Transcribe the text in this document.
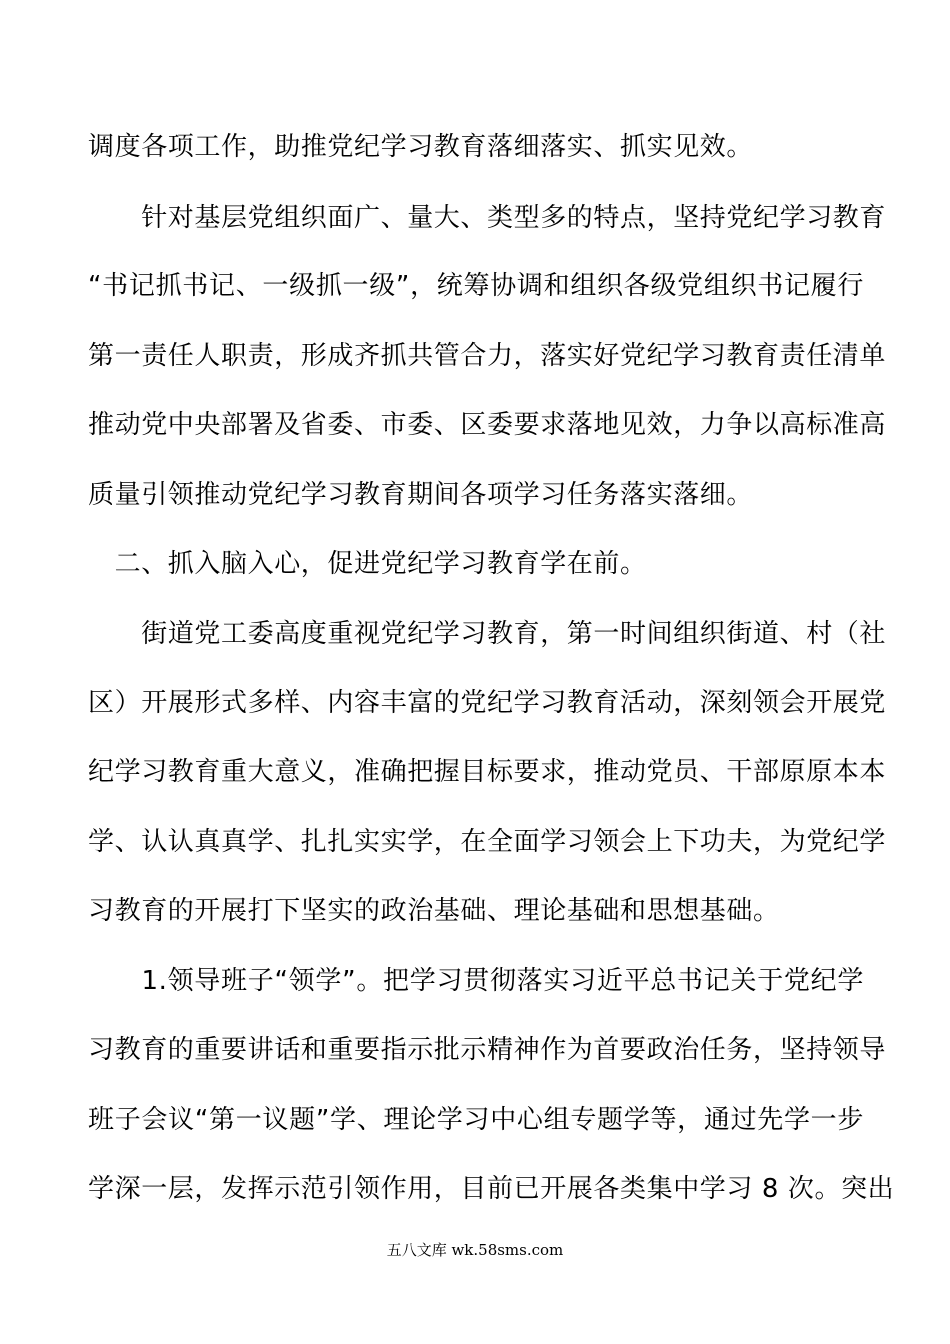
调度各项工作，助推党纪学习教育落细落实、抓实见效。
　　针对基层党组织面广、量大、类型多的特点，坚持党纪学习教育
“书记抓书记、一级抓一级”，统筹协调和组织各级党组织书记履行
第一责任人职责，形成齐抓共管合力，落实好党纪学习教育责任清单
推动党中央部署及省委、市委、区委要求落地见效，力争以高标准高
质量引领推动党纪学习教育期间各项学习任务落实落细。
　二、抓入脑入心，促进党纪学习教育学在前。
　　街道党工委高度重视党纪学习教育，第一时间组织街道、村（社
区）开展形式多样、内容丰富的党纪学习教育活动，深刻领会开展党
纪学习教育重大意义，准确把握目标要求，推动党员、干部原原本本
学、认认真真学、扎扎实实学，在全面学习领会上下功夫，为党纪学
习教育的开展打下坚实的政治基础、理论基础和思想基础。
　　1.领导班子“领学”。把学习贯彻落实习近平总书记关于党纪学
习教育的重要讲话和重要指示批示精神作为首要政治任务，坚持领导
班子会议“第一议题”学、理论学习中心组专题学等，通过先学一步
学深一层，发挥示范引领作用，目前已开展各类集中学习 8 次。突出
五八文库 wk.58sms.com
